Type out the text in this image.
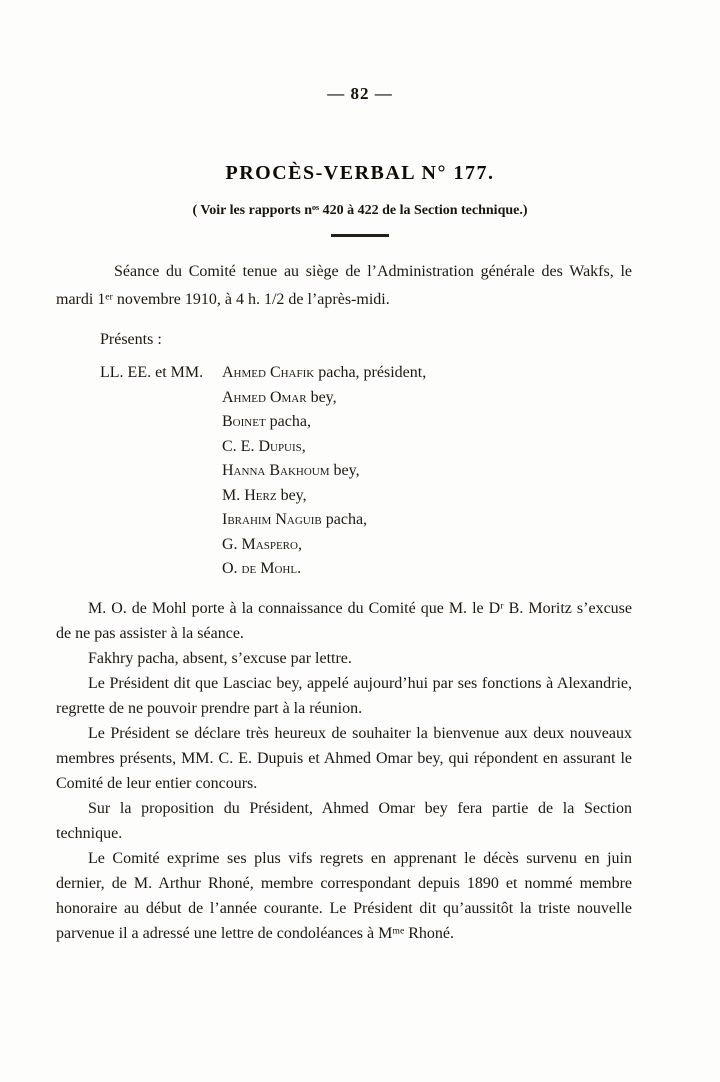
— 82 —
PROCÈS-VERBAL N° 177.
( Voir les rapports nᵒˢ 420 à 422 de la Section technique.)

Séance du Comité tenue au siège de l’Administration générale des Wakfs, le mardi 1ᵉʳ novembre 1910, à 4 h. 1/2 de l’après-midi.

Présents :
LL. EE. et MM.	Ahmed Chafik pacha, président,
Ahmed Omar bey,
Boinet pacha,
C. E. Dupuis,
Hanna Bakhoum bey,
M. Herz bey,
Ibrahim Naguib pacha,
G. Maspero,
O. de Mohl.

M. O. de Mohl porte à la connaissance du Comité que M. le Dʳ B. Moritz s’excuse de ne pas assister à la séance.

Fakhry pacha, absent, s’excuse par lettre.

Le Président dit que Lasciac bey, appelé aujourd’hui par ses fonctions à Alexandrie, regrette de ne pouvoir prendre part à la réunion.

Le Président se déclare très heureux de souhaiter la bienvenue aux deux nouveaux membres présents, MM. C. E. Dupuis et Ahmed Omar bey, qui répondent en assurant le Comité de leur entier concours.

Sur la proposition du Président, Ahmed Omar bey fera partie de la Section technique.

Le Comité exprime ses plus vifs regrets en apprenant le décès survenu en juin dernier, de M. Arthur Rhoné, membre correspondant depuis 1890 et nommé membre honoraire au début de l’année courante. Le Président dit qu’aussitôt la triste nouvelle parvenue il a adressé une lettre de condoléances à Mᵐᵉ Rhoné.
